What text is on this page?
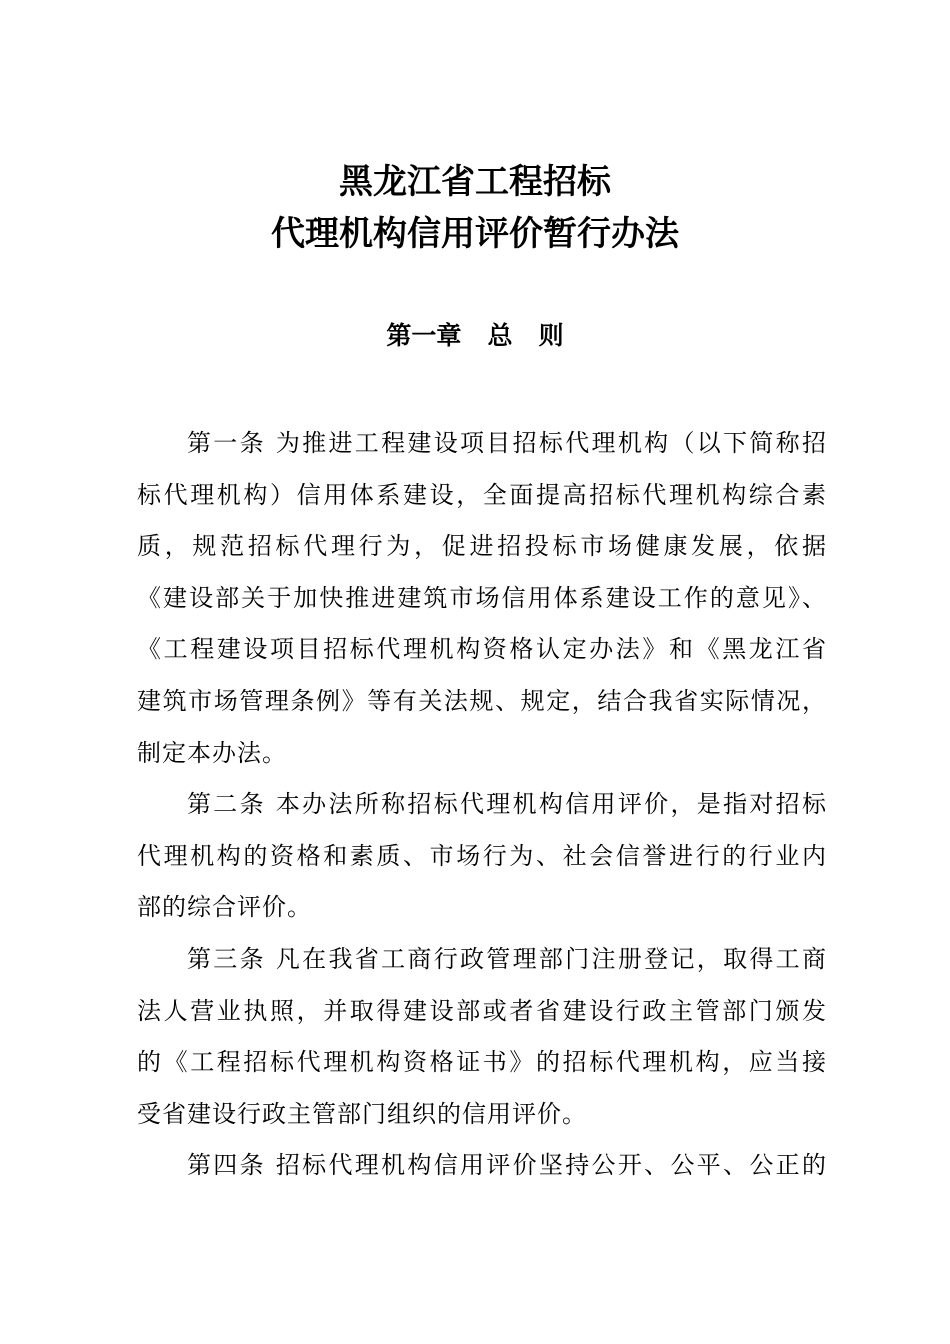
黑龙江省工程招标
代理机构信用评价暂行办法
第一章   总   则
第一条 为推进工程建设项目招标代理机构（以下简称招
标代理机构）信用体系建设，全面提高招标代理机构综合素
质，规范招标代理行为，促进招投标市场健康发展，依据
《建设部关于加快推进建筑市场信用体系建设工作的意见》、
《工程建设项目招标代理机构资格认定办法》和《黑龙江省
建筑市场管理条例》等有关法规、规定，结合我省实际情况，
制定本办法。
第二条 本办法所称招标代理机构信用评价，是指对招标
代理机构的资格和素质、市场行为、社会信誉进行的行业内
部的综合评价。
第三条 凡在我省工商行政管理部门注册登记，取得工商
法人营业执照，并取得建设部或者省建设行政主管部门颁发
的《工程招标代理机构资格证书》的招标代理机构，应当接
受省建设行政主管部门组织的信用评价。
第四条 招标代理机构信用评价坚持公开、公平、公正的
